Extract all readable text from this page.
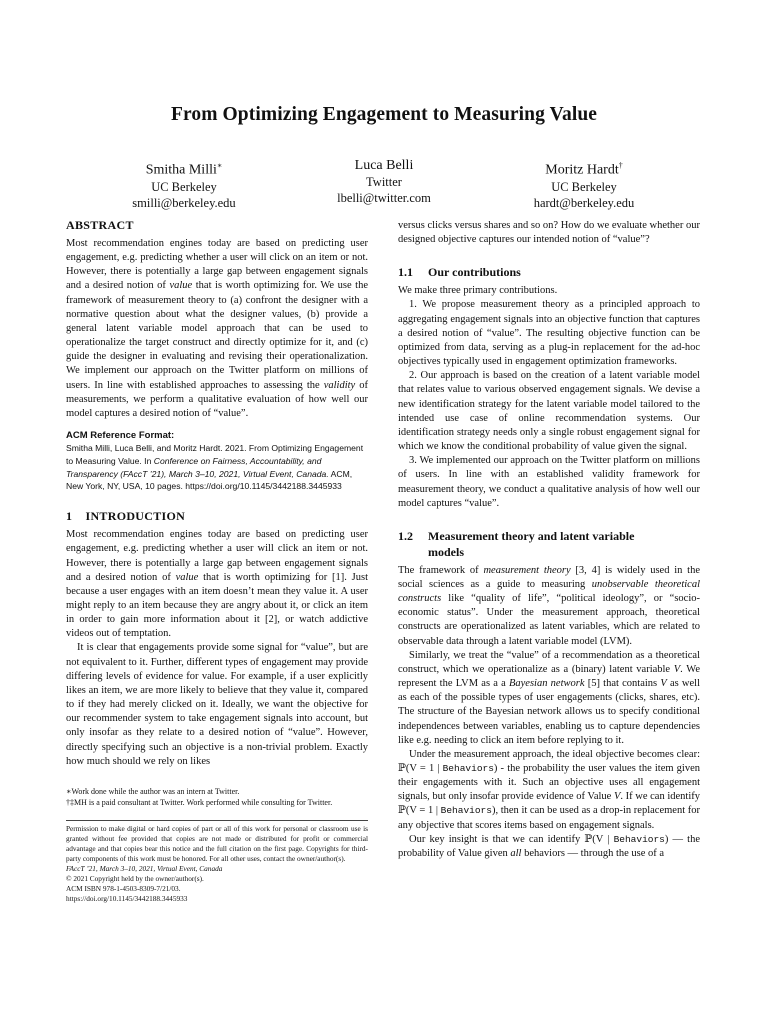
From Optimizing Engagement to Measuring Value
Smitha Milli∗
UC Berkeley
smilli@berkeley.edu
Luca Belli
Twitter
lbelli@twitter.com
Moritz Hardt†
UC Berkeley
hardt@berkeley.edu
ABSTRACT

Most recommendation engines today are based on predicting user engagement, e.g. predicting whether a user will click on an item or not. However, there is potentially a large gap between engagement signals and a desired notion of value that is worth optimizing for. We use the framework of measurement theory to (a) confront the designer with a normative question about what the designer values, (b) provide a general latent variable model approach that can be used to operationalize the target construct and directly optimize for it, and (c) guide the designer in evaluating and revising their operationalization. We implement our approach on the Twitter platform on millions of users. In line with established approaches to assessing the validity of measurements, we perform a qualitative evaluation of how well our model captures a desired notion of “value”.

ACM Reference Format:

Smitha Milli, Luca Belli, and Moritz Hardt. 2021. From Optimizing Engagement to Measuring Value. In Conference on Fairness, Accountability, and Transparency (FAccT ’21), March 3–10, 2021, Virtual Event, Canada. ACM, New York, NY, USA, 10 pages. https://doi.org/10.1145/3442188.3445933

1    INTRODUCTION

Most recommendation engines today are based on predicting user engagement, e.g. predicting whether a user will click an item or not. However, there is potentially a large gap between engagement signals and a desired notion of value that is worth optimizing for [1]. Just because a user engages with an item doesn’t mean they value it. A user might reply to an item because they are angry about it, or click an item in order to gain more information about it [2], or watch addictive videos out of temptation.

It is clear that engagements provide some signal for “value”, but are not equivalent to it. Further, different types of engagement may provide differing levels of evidence for value. For example, if a user explicitly likes an item, we are more likely to believe that they value it, compared to if they had merely clicked on it. Ideally, we want the objective for our recommender system to take engagement signals into account, but only insofar as they relate to a desired notion of “value”. However, directly specifying such an objective is a non-trivial problem. Exactly how much should we rely on likes

∗Work done while the author was an intern at Twitter.
†‡MH is a paid consultant at Twitter. Work performed while consulting for Twitter.

Permission to make digital or hard copies of part or all of this work for personal or classroom use is granted without fee provided that copies are not made or distributed for profit or commercial advantage and that copies bear this notice and the full citation on the first page. Copyrights for third-party components of this work must be honored. For all other uses, contact the owner/author(s).

FAccT ’21, March 3–10, 2021, Virtual Event, Canada
© 2021 Copyright held by the owner/author(s).
ACM ISBN 978-1-4503-8309-7/21/03.
https://doi.org/10.1145/3442188.3445933

versus clicks versus shares and so on? How do we evaluate whether our designed objective captures our intended notion of “value”?

1.1 Our contributions

We make three primary contributions.

1. We propose measurement theory as a principled approach to aggregating engagement signals into an objective function that captures a desired notion of “value”. The resulting objective function can be optimized from data, serving as a plug-in replacement for the ad-hoc objectives typically used in engagement optimization frameworks.

2. Our approach is based on the creation of a latent variable model that relates value to various observed engagement signals. We devise a new identification strategy for the latent variable model tailored to the intended use case of online recommendation systems. Our identification strategy needs only a single robust engagement signal for which we know the conditional probability of value given the signal.

3. We implemented our approach on the Twitter platform on millions of users. In line with an established validity framework for measurement theory, we conduct a qualitative analysis of how well our model captures “value”.

1.2 Measurement theory and latent variable
models

The framework of measurement theory [3, 4] is widely used in the social sciences as a guide to measuring unobservable theoretical constructs like “quality of life”, “political ideology”, or “socio-economic status”. Under the measurement approach, theoretical constructs are operationalized as latent variables, which are related to observable data through a latent variable model (LVM).

Similarly, we treat the “value” of a recommendation as a theoretical construct, which we operationalize as a (binary) latent variable V. We represent the LVM as a a Bayesian network [5] that contains V as well as each of the possible types of user engagements (clicks, shares, etc). The structure of the Bayesian network allows us to specify conditional independences between variables, enabling us to capture dependencies like e.g. needing to click an item before replying to it.

Under the measurement approach, the ideal objective becomes clear: ℙ(V = 1 | Behaviors) - the probability the user values the item given their engagements with it. Such an objective uses all engagement signals, but only insofar provide evidence of Value V. If we can identify ℙ(V = 1 | Behaviors), then it can be used as a drop-in replacement for any objective that scores items based on engagement signals.

Our key insight is that we can identify ℙ(V | Behaviors) — the probability of Value given all behaviors — through the use of a
